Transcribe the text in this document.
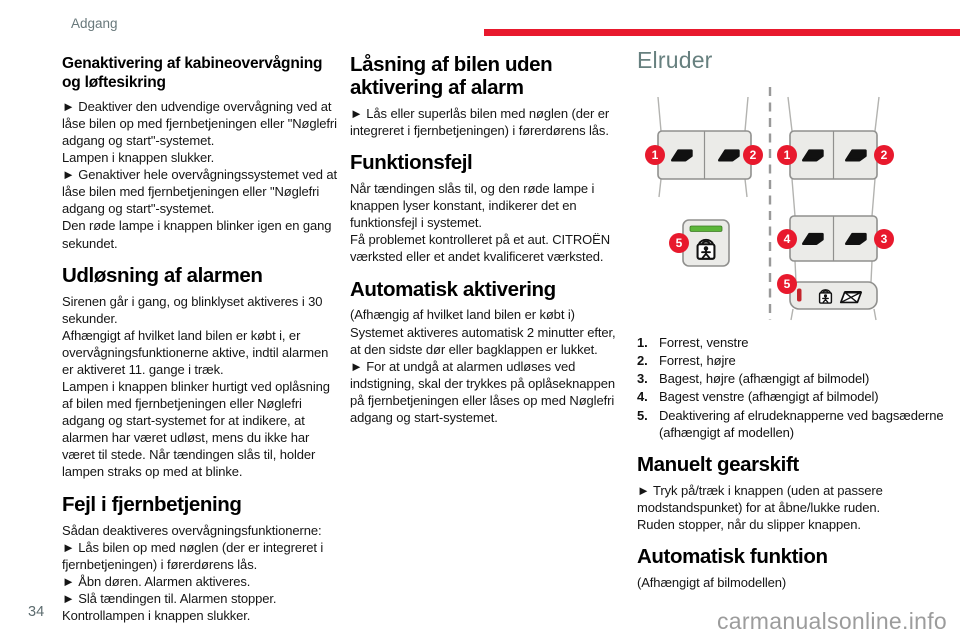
Adgang
Genaktivering af kabineovervågning og løftesikring

► Deaktiver den udvendige overvågning ved at låse bilen op med fjernbetjeningen eller "Nøglefri adgang og start"-systemet.

Lampen i knappen slukker.

► Genaktiver hele overvågningssystemet ved at låse bilen med fjernbetjeningen eller "Nøglefri adgang og start"-systemet.

Den røde lampe i knappen blinker igen en gang sekundet.

Udløsning af alarmen

Sirenen går i gang, og blinklyset aktiveres i 30 sekunder.

Afhængigt af hvilket land bilen er købt i, er overvågningsfunktionerne aktive, indtil alarmen er aktiveret 11. gange i træk.

Lampen i knappen blinker hurtigt ved oplåsning af bilen med fjernbetjeningen eller Nøglefri adgang og start-systemet for at indikere, at alarmen har været udløst, mens du ikke har været til stede. Når tændingen slås til, holder lampen straks op med at blinke.

Fejl i fjernbetjening

Sådan deaktiveres overvågningsfunktionerne:

► Lås bilen op med nøglen (der er integreret i fjernbetjeningen) i førerdørens lås.

► Åbn døren. Alarmen aktiveres.

► Slå tændingen til. Alarmen stopper.

Kontrollampen i knappen slukker.

Låsning af bilen uden aktivering af alarm

► Lås eller superlås bilen med nøglen (der er integreret i fjernbetjeningen) i førerdørens lås.

Funktionsfejl

Når tændingen slås til, og den røde lampe i knappen lyser konstant, indikerer det en funktionsfejl i systemet.

Få problemet kontrolleret på et aut. CITROËN værksted eller et andet kvalificeret værksted.

Automatisk aktivering

(Afhængig af hvilket land bilen er købt i)

Systemet aktiveres automatisk 2 minutter efter, at den sidste dør eller bagklappen er lukket.

► For at undgå at alarmen udløses ved indstigning, skal der trykkes på oplåseknappen på fjernbetjeningen eller låses op med Nøglefri adgang og start-systemet.

Elruder
1	2
5
1	2
4	3
5
1. Forrest, venstre
2. Forrest, højre
3. Bagest, højre (afhængigt af bilmodel)
4. Bagest venstre (afhængigt af bilmodel)
5. Deaktivering af elrudeknapperne ved bagsæderne (afhængigt af modellen)
Manuelt gearskift

► Tryk på/træk i knappen (uden at passere modstandspunket) for at åbne/lukke ruden.

Ruden stopper, når du slipper knappen.

Automatisk funktion

(Afhængigt af bilmodellen)

34	carmanualsonline.info
